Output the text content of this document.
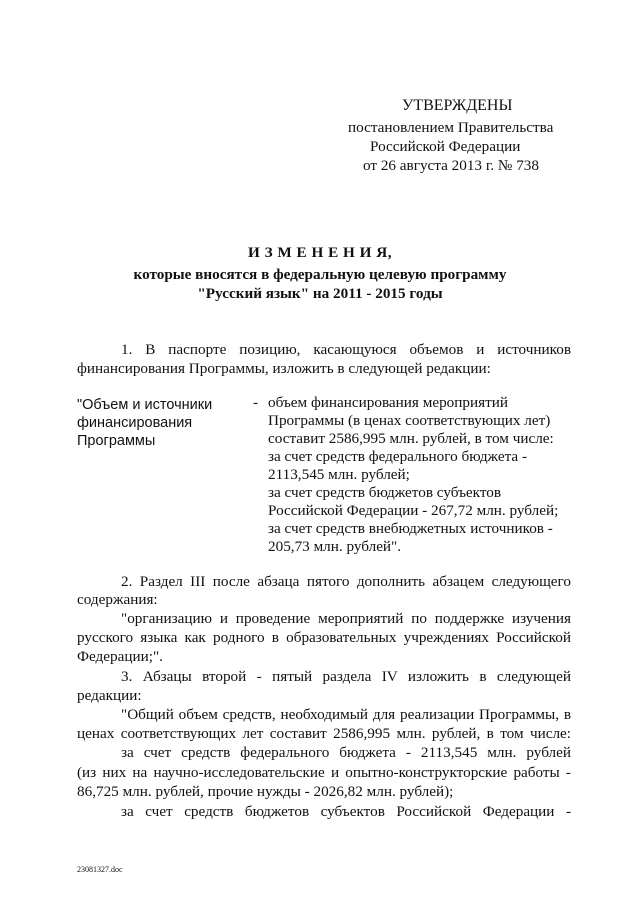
УТВЕРЖДЕНЫ
постановлением Правительства
Российской Федерации
от 26 августа 2013 г. № 738
И З М Е Н Е Н И Я,
которые вносятся в федеральную целевую программу
"Русский язык" на 2011 - 2015 годы
1. В паспорте позицию, касающуюся объемов и источников
финансирования Программы, изложить в следующей редакции:
"Объем и источники
финансирования
Программы
- объем финансирования мероприятий
Программы (в ценах соответствующих лет)
составит 2586,995 млн. рублей, в том числе:
за счет средств федерального бюджета -
2113,545 млн. рублей;
за счет средств бюджетов субъектов
Российской Федерации - 267,72 млн. рублей;
за счет средств внебюджетных источников -
205,73 млн. рублей".
2. Раздел III после абзаца пятого дополнить абзацем следующего
содержания:
"организацию и проведение мероприятий по поддержке изучения
русского языка как родного в образовательных учреждениях Российской
Федерации;".
3. Абзацы второй - пятый раздела IV изложить в следующей
редакции:
"Общий объем средств, необходимый для реализации Программы, в
ценах соответствующих лет составит 2586,995 млн. рублей, в том числе:
за счет средств федерального бюджета - 2113,545 млн. рублей
(из них на научно-исследовательские и опытно-конструкторские работы -
86,725 млн. рублей, прочие нужды - 2026,82 млн. рублей);
за счет средств бюджетов субъектов Российской Федерации -
23081327.doc
